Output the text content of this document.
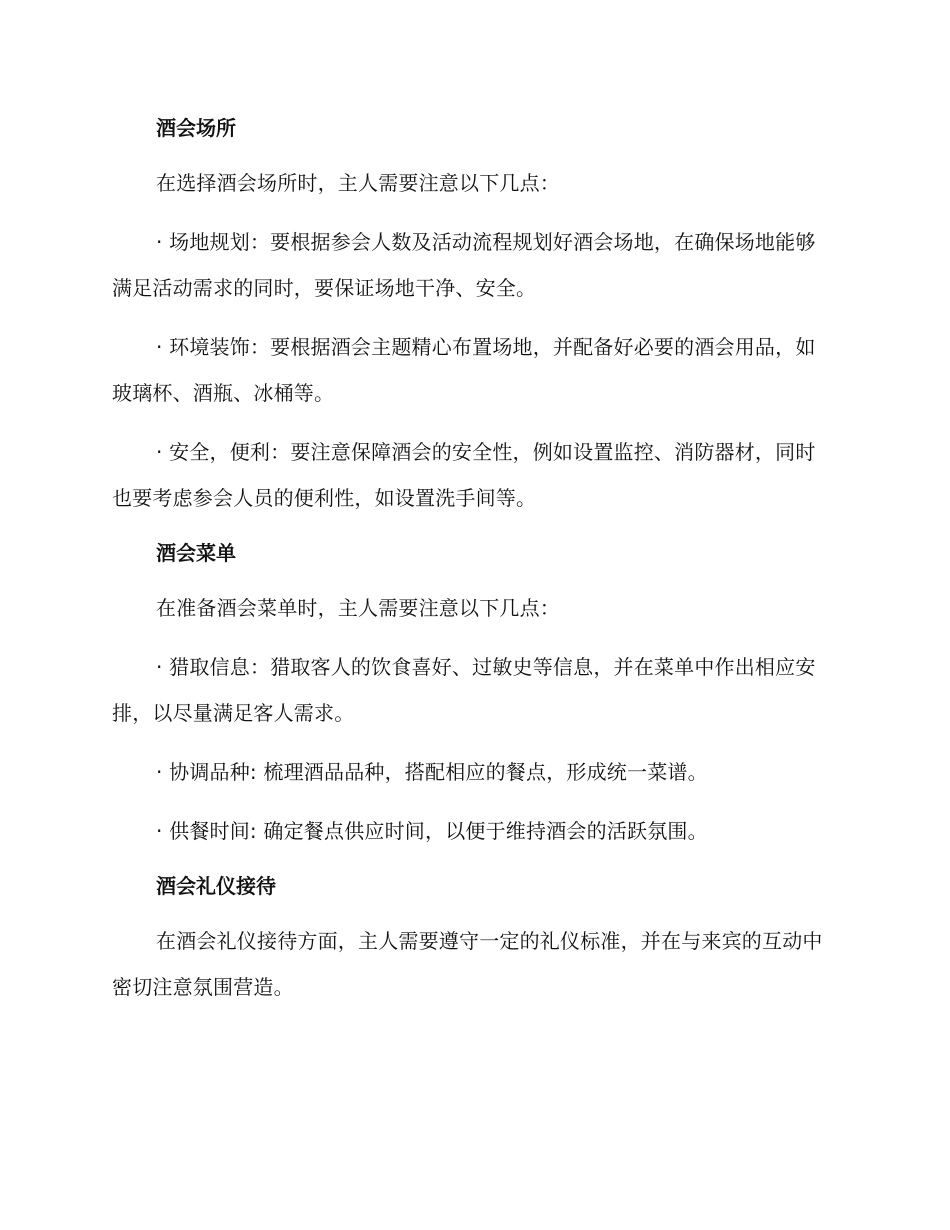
酒会场所

在选择酒会场所时，主人需要注意以下几点：

· 场地规划：要根据参会人数及活动流程规划好酒会场地，在确保场地能够满足活动需求的同时，要保证场地干净、安全。

· 环境装饰：要根据酒会主题精心布置场地，并配备好必要的酒会用品，如玻璃杯、酒瓶、冰桶等。

· 安全，便利：要注意保障酒会的安全性，例如设置监控、消防器材，同时也要考虑参会人员的便利性，如设置洗手间等。

酒会菜单

在准备酒会菜单时，主人需要注意以下几点：

· 猎取信息：猎取客人的饮食喜好、过敏史等信息，并在菜单中作出相应安排，以尽量满足客人需求。

· 协调品种: 梳理酒品品种，搭配相应的餐点，形成统一菜谱。

· 供餐时间: 确定餐点供应时间，以便于维持酒会的活跃氛围。

酒会礼仪接待

在酒会礼仪接待方面，主人需要遵守一定的礼仪标准，并在与来宾的互动中密切注意氛围营造。
